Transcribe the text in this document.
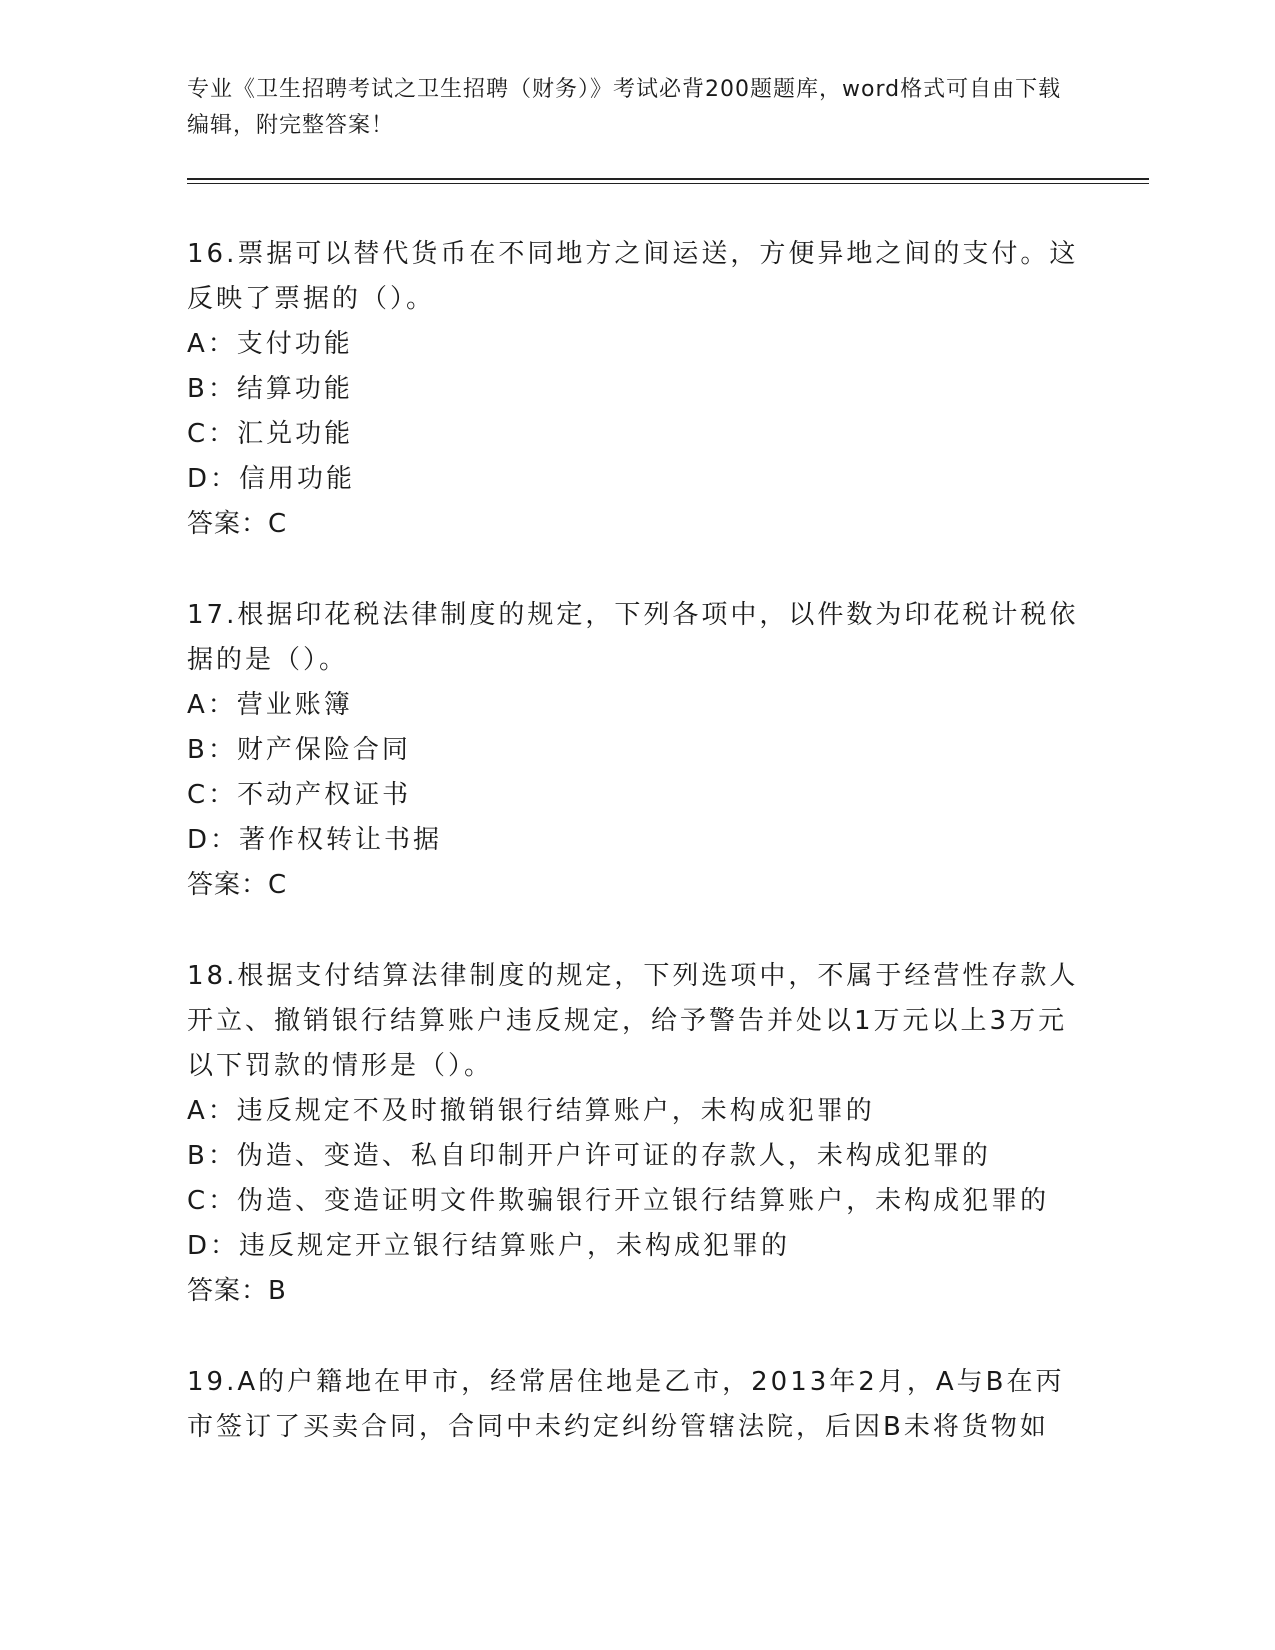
专业《卫生招聘考试之卫生招聘（财务）》考试必背200题题库，word格式可自由下载编辑，附完整答案！
16.票据可以替代货币在不同地方之间运送，方便异地之间的支付。这反映了票据的（）。
A：支付功能
B：结算功能
C：汇兑功能
D：信用功能
答案：C
17.根据印花税法律制度的规定，下列各项中，以件数为印花税计税依据的是（）。
A：营业账簿
B：财产保险合同
C：不动产权证书
D：著作权转让书据
答案：C
18.根据支付结算法律制度的规定，下列选项中，不属于经营性存款人开立、撤销银行结算账户违反规定，给予警告并处以1万元以上3万元以下罚款的情形是（）。
A：违反规定不及时撤销银行结算账户，未构成犯罪的
B：伪造、变造、私自印制开户许可证的存款人，未构成犯罪的
C：伪造、变造证明文件欺骗银行开立银行结算账户，未构成犯罪的
D：违反规定开立银行结算账户，未构成犯罪的
答案：B
19.A的户籍地在甲市，经常居住地是乙市，2013年2月，A与B在丙市签订了买卖合同，合同中未约定纠纷管辖法院，后因B未将货物如
